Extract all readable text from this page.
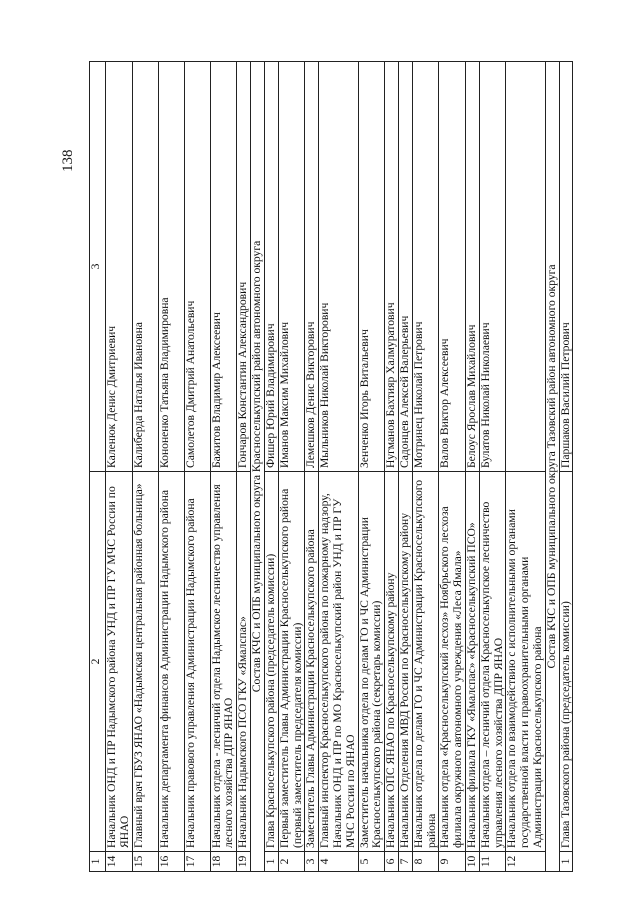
138
1	2	3
14	Начальник ОНД и ПР Надымского района УНД и ПР ГУ МЧС России по ЯНАО	Каленюк Денис Дмитриевич
15	Главный врач ГБУЗ ЯНАО «Надымская центральная районная больница»	Калиберда Наталья Ивановна
16	Начальник департамента финансов Администрации Надымского района	Кононенко Татьяна Владимировна
17	Начальник правового управления Администрации Надымского района	Самолетов Дмитрий Анатольевич
18	Начальник отдела - лесничий отдела Надымское лесничество управления лесного хозяйства ДПР ЯНАО	Бажитов Владимир Алексеевич
19	Начальник Надымского ПСО ГКУ «Ямалспас»	Гончаров Константин Александрович
Состав КЧС и ОПБ муниципального округа Красноселькупский район автономного округа		
1	Глава Красноселькупского района (председатель комиссии)	Фишер Юрий Владимирович
2	Первый заместитель Главы Администрации Красноселькупского района (первый заместитель председателя комиссии)	Иманов Максим Михайлович
3	Заместитель Главы Администрации Красноселькупского района	Лемешков Денис Викторович
4	Главный инспектор Красноселькупского района по пожарному надзору, Начальник ОНД и ПР по МО Красноселькупский район УНД и ПР ГУ МЧС России по ЯНАО	Мыльников Николай Викторович
5	Заместитель начальника отдела по делам ГО и ЧС Администрации Красноселькупского района (секретарь комиссии)	Зенченко Игорь Витальевич
6	Начальник ОПС ЯНАО по Красноселькупскому району	Нугманов Бахтияр Халмуратович
7	Начальник Отделения МВД России по Красноселькупскому району	Садонцев Алексей Валерьевич
8	Начальник отдела по делам ГО и ЧС Администрации Красноселькупского района	Мотринец Николай Петрович
9	Начальник отдела «Красноселькупский лесхоз» Ноябрьского лесхоза филиала окружного автономного учреждения «Леса Ямала»	Валов Виктор Алексеевич
10	Начальник филиала ГКУ «Ямалспас» «Красноселькупский ПСО»	Белоус Ярослав Михайлович
11	Начальник отдела – лесничий отдела Красноселькупское лесничество управления лесного хозяйства ДПР ЯНАО	Булатов Николай Николаевич
12	Начальник отдела по взаимодействию с исполнительными органами государственной власти и правоохранительными органами Администрации Красноселькупского района	
Состав КЧС и ОПБ муниципального округа Тазовский район автономного округа		
1	Глава Тазовского района (председатель комиссии)	Паршаков Василий Петрович
